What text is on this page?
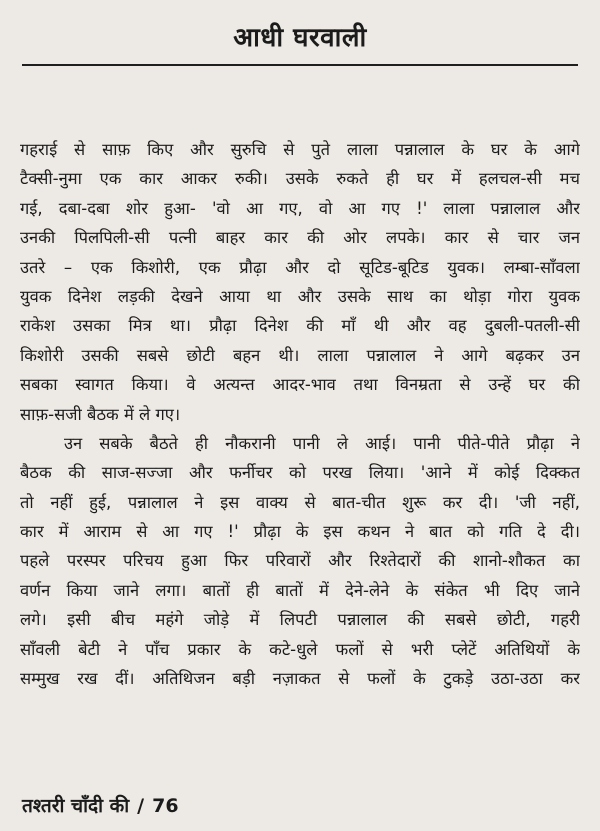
आधी घरवाली
गहराई से साफ़ किए और सुरुचि से पुते लाला पन्नालाल के घर के आगे
टैक्सी-नुमा एक कार आकर रुकी। उसके रुकते ही घर में हलचल-सी मच
गई, दबा-दबा शोर हुआ- 'वो आ गए, वो आ गए !' लाला पन्नालाल और
उनकी पिलपिली-सी पत्नी बाहर कार की ओर लपके। कार से चार जन
उतरे – एक किशोरी, एक प्रौढ़ा और दो सूटिड-बूटिड युवक। लम्बा-साँवला
युवक दिनेश लड़की देखने आया था और उसके साथ का थोड़ा गोरा युवक
राकेश उसका मित्र था। प्रौढ़ा दिनेश की माँ थी और वह दुबली-पतली-सी
किशोरी उसकी सबसे छोटी बहन थी। लाला पन्नालाल ने आगे बढ़कर उन
सबका स्वागत किया। वे अत्यन्त आदर-भाव तथा विनम्रता से उन्हें घर की
साफ़-सजी बैठक में ले गए।
उन सबके बैठते ही नौकरानी पानी ले आई। पानी पीते-पीते प्रौढ़ा ने
बैठक की साज-सज्जा और फर्नीचर को परख लिया। 'आने में कोई दिक्कत
तो नहीं हुई, पन्नालाल ने इस वाक्य से बात-चीत शुरू कर दी। 'जी नहीं,
कार में आराम से आ गए !' प्रौढ़ा के इस कथन ने बात को गति दे दी।
पहले परस्पर परिचय हुआ फिर परिवारों और रिश्तेदारों की शानो-शौकत का
वर्णन किया जाने लगा। बातों ही बातों में देने-लेने के संकेत भी दिए जाने
लगे। इसी बीच महंगे जोड़े में लिपटी पन्नालाल की सबसे छोटी, गहरी
साँवली बेटी ने पाँच प्रकार के कटे-धुले फलों से भरी प्लेटें अतिथियों के
सम्मुख रख दीं। अतिथिजन बड़ी नज़ाकत से फलों के टुकड़े उठा-उठा कर
तश्तरी चाँदी की / 76
